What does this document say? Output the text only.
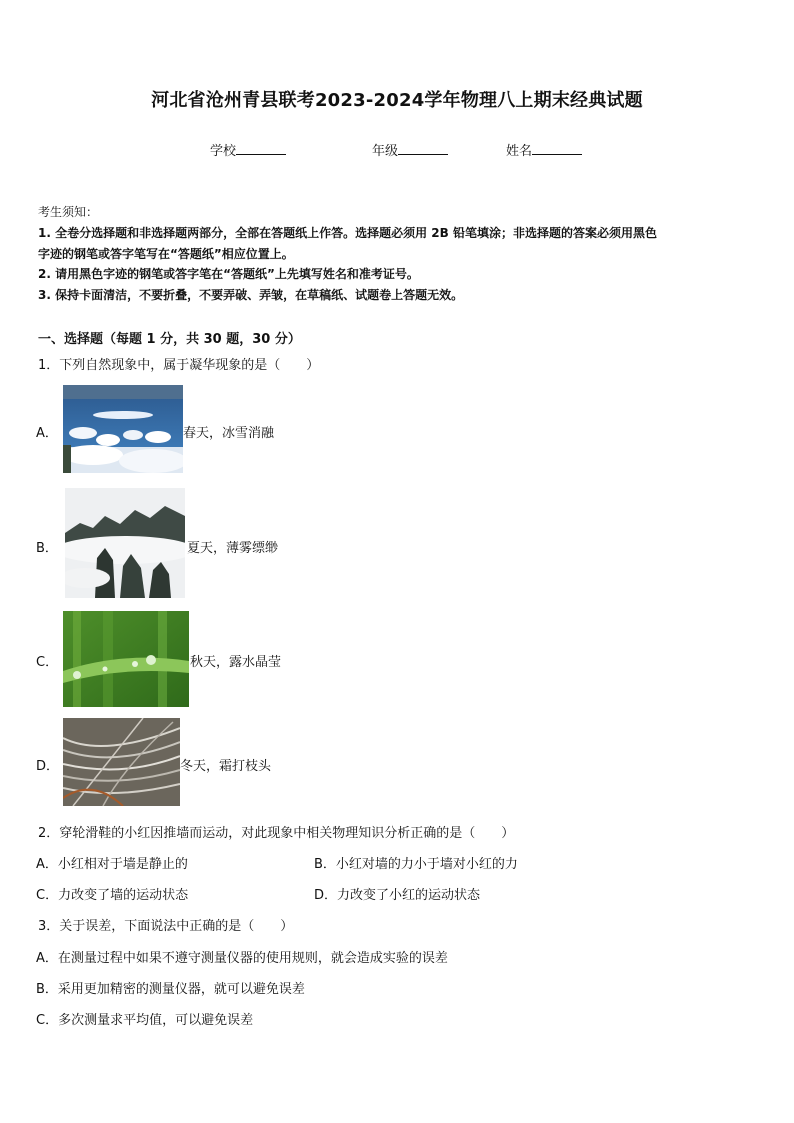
河北省沧州青县联考2023-2024学年物理八上期末经典试题
学校	年级	姓名
考生须知：
1. 全卷分选择题和非选择题两部分，全部在答题纸上作答。选择题必须用 2B 铅笔填涂；非选择题的答案必须用黑色
字迹的钢笔或答字笔写在“答题纸”相应位置上。
2. 请用黑色字迹的钢笔或答字笔在“答题纸”上先填写姓名和准考证号。
3. 保持卡面清洁，不要折叠，不要弄破、弄皱，在草稿纸、试题卷上答题无效。
一、选择题（每题 1 分，共 30 题，30 分）
1．下列自然现象中，属于凝华现象的是（　　）
A．	春天，冰雪消融
B．	夏天，薄雾缥缈
C．	秋天，露水晶莹
D．	冬天，霜打枝头
2．穿轮滑鞋的小红因推墙而运动，对此现象中相关物理知识分析正确的是（　　）
A．小红相对于墙是静止的	B．小红对墙的力小于墙对小红的力
C．力改变了墙的运动状态	D．力改变了小红的运动状态
3．关于误差，下面说法中正确的是（　　）
A．在测量过程中如果不遵守测量仪器的使用规则，就会造成实验的误差
B．采用更加精密的测量仪器，就可以避免误差
C．多次测量求平均值，可以避免误差
